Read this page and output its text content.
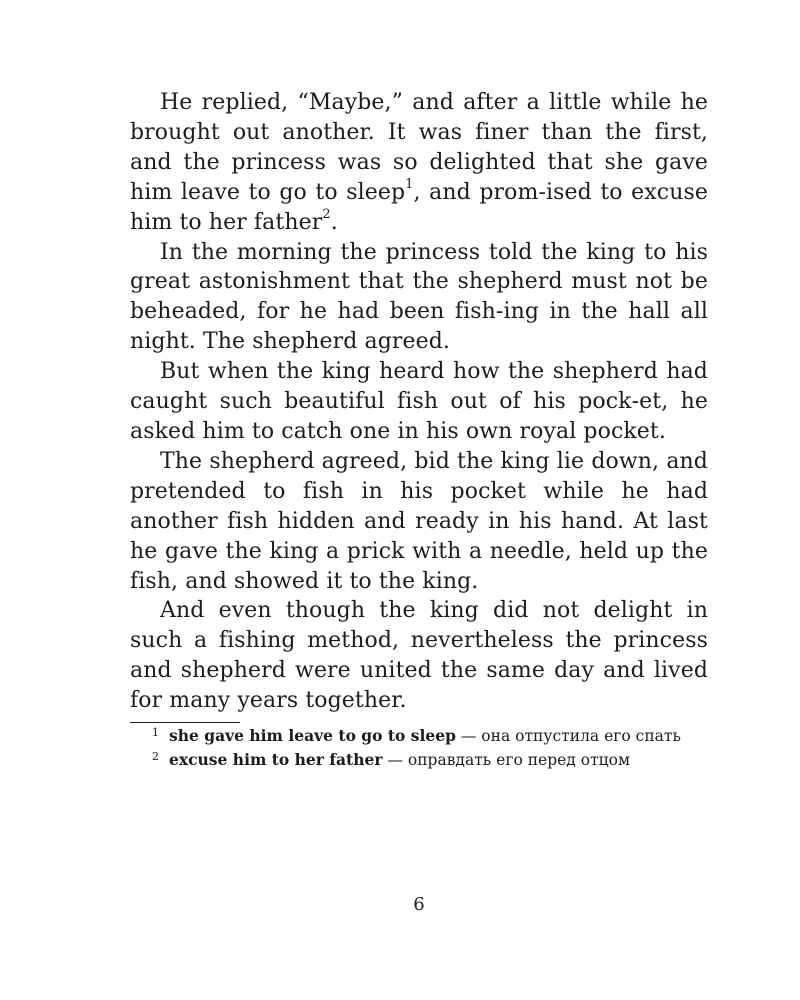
He replied, “Maybe,” and after a little while he brought out another. It was finer than the first, and the princess was so delighted that she gave him leave to go to sleep$^1$, and prom‑ised to excuse him to her father$^2$.

In the morning the princess told the king to his great astonishment that the shepherd must not be beheaded, for he had been fish‑ing in the hall all night. The shepherd agreed.

But when the king heard how the shepherd had caught such beautiful fish out of his pock‑et, he asked him to catch one in his own royal pocket.

The shepherd agreed, bid the king lie down, and pretended to fish in his pocket while he had another fish hidden and ready in his hand. At last he gave the king a prick with a needle, held up the fish, and showed it to the king.

And even though the king did not delight in such a fishing method, nevertheless the princess and shepherd were united the same day and lived for many years together.

$^1$ she gave him leave to go to sleep — она отпустила его спать

$^2$ excuse him to her father — оправдать его перед отцом

6
